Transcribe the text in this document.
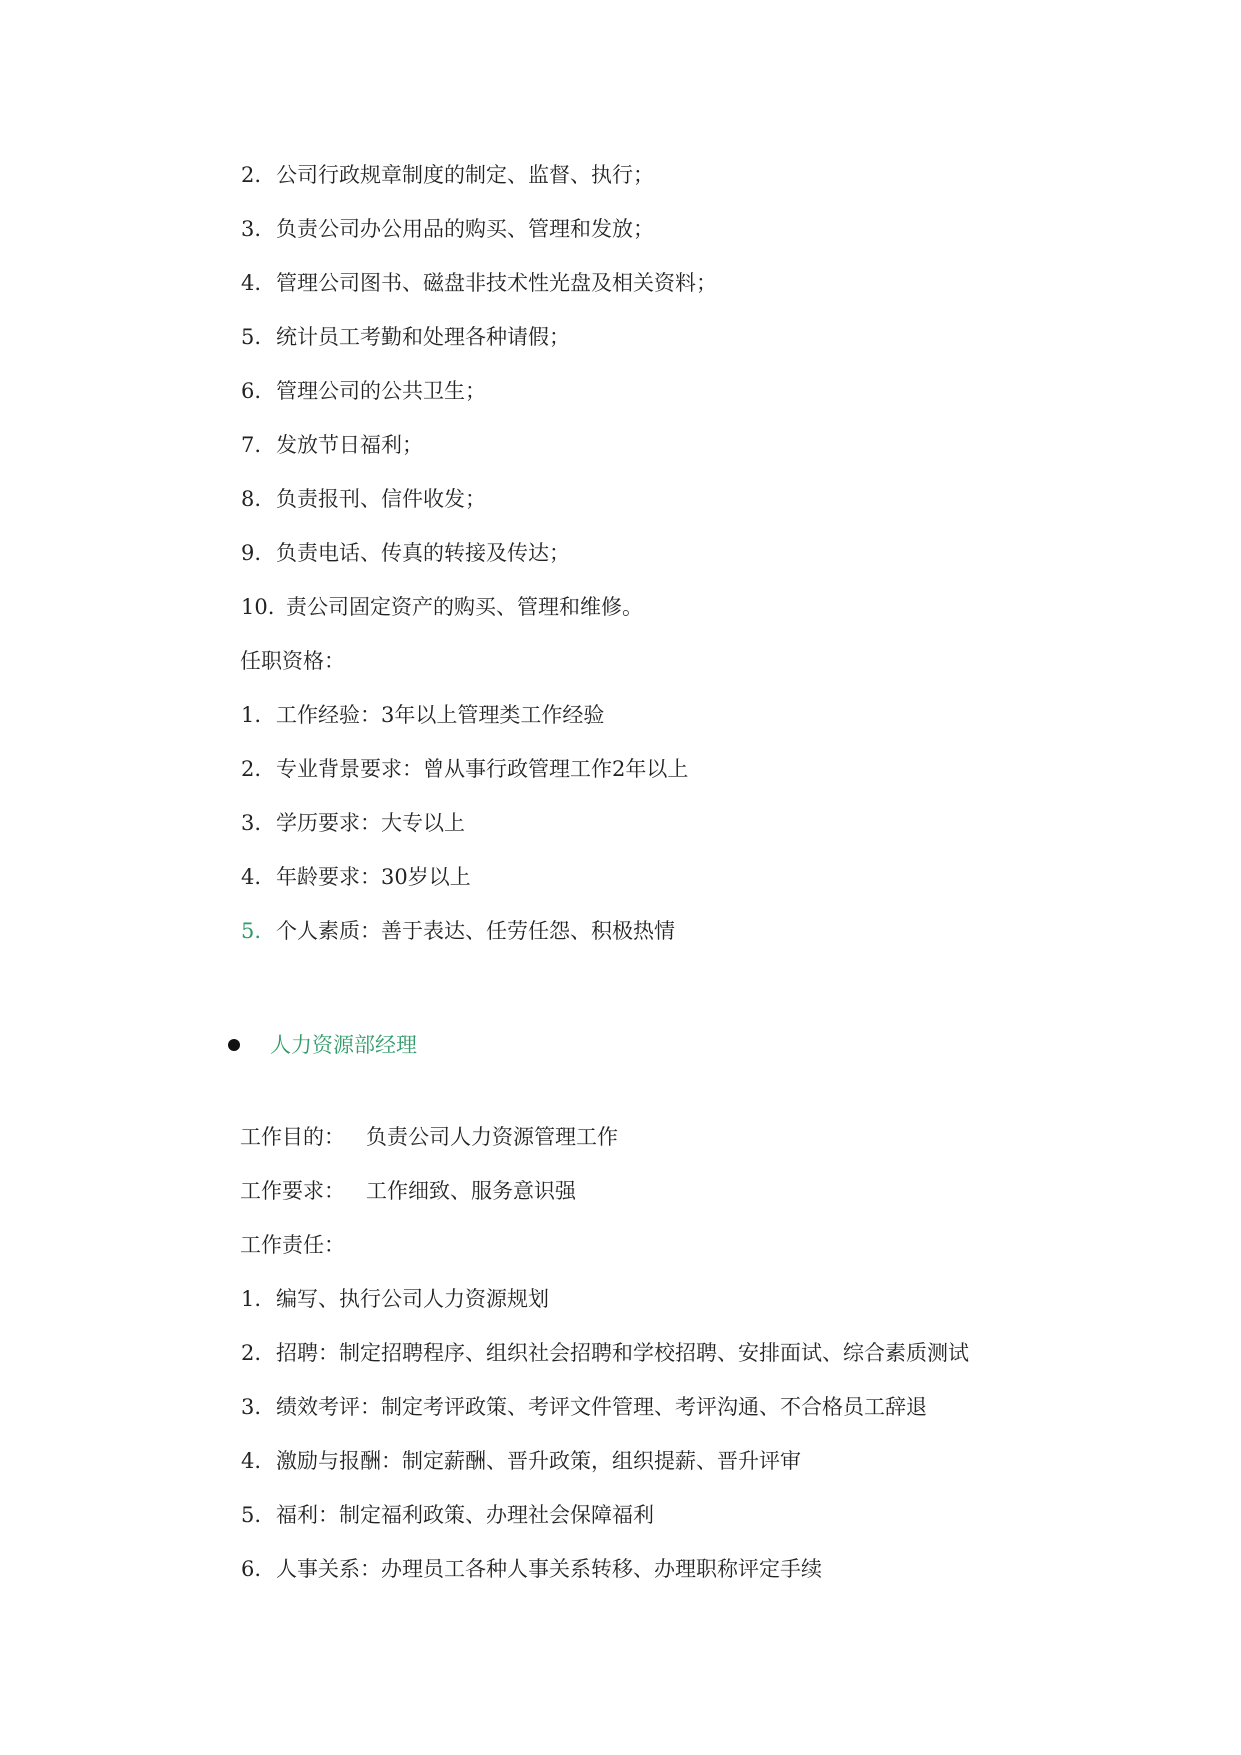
2. 公司行政规章制度的制定、监督、执行；
3. 负责公司办公用品的购买、管理和发放；
4. 管理公司图书、磁盘非技术性光盘及相关资料；
5. 统计员工考勤和处理各种请假；
6. 管理公司的公共卫生；
7. 发放节日福利；
8. 负责报刊、信件收发；
9. 负责电话、传真的转接及传达；
10. 责公司固定资产的购买、管理和维修。
任职资格：
1. 工作经验：3年以上管理类工作经验
2. 专业背景要求：曾从事行政管理工作2年以上
3. 学历要求：大专以上
4. 年龄要求：30岁以上
5. 个人素质：善于表达、任劳任怨、积极热情
人力资源部经理
工作目的： 负责公司人力资源管理工作
工作要求： 工作细致、服务意识强
工作责任：
1. 编写、执行公司人力资源规划
2. 招聘：制定招聘程序、组织社会招聘和学校招聘、安排面试、综合素质测试
3. 绩效考评：制定考评政策、考评文件管理、考评沟通、不合格员工辞退
4. 激励与报酬：制定薪酬、晋升政策，组织提薪、晋升评审
5. 福利：制定福利政策、办理社会保障福利
6. 人事关系：办理员工各种人事关系转移、办理职称评定手续
